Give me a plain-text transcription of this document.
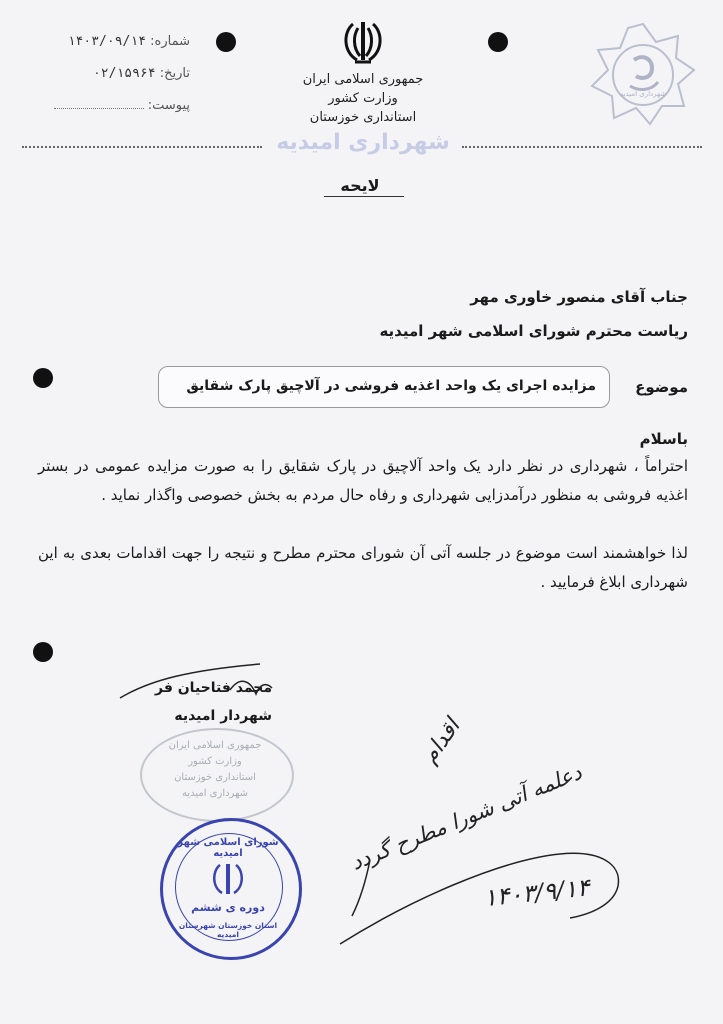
شماره: ۱۴۰۳/۰۹/۱۴
تاریخ: ۰۲/۱۵۹۶۴
پیوست:
جمهوری اسلامی ایران
وزارت کشور
استانداری خوزستان
شهرداری امیدیه
شهرداری امیدیه
لایحه
جناب آقای منصور خاوری مهر
ریاست محترم شورای اسلامی شهر امیدیه
مزایده اجرای یک واحد اغذیه فروشی در آلاچیق پارک شقایق	موضوع
باسلام
احتراماً ، شهرداری در نظر دارد یک واحد آلاچیق در پارک شقایق را به صورت مزایده عمومی در بستر اغذیه فروشی به منظور درآمدزایی شهرداری و رفاه حال مردم به بخش خصوصی واگذار نماید .
لذا خواهشمند است موضوع در جلسه آتی آن شورای محترم مطرح و نتیجه را جهت اقدامات بعدی به این شهرداری ابلاغ فرمایید .
محمد فتاحیان فر
شهردار امیدیه
جمهوری اسلامی ایران
وزارت کشور
استانداری خوزستان
شهرداری امیدیه
شورای اسلامی شهر امیدیه
دوره ی ششم
استان خوزستان شهرستان امیدیه
اقدام
دعلمه آتی شورا مطرح گردد
۱۴۰۳/۹/۱۴
